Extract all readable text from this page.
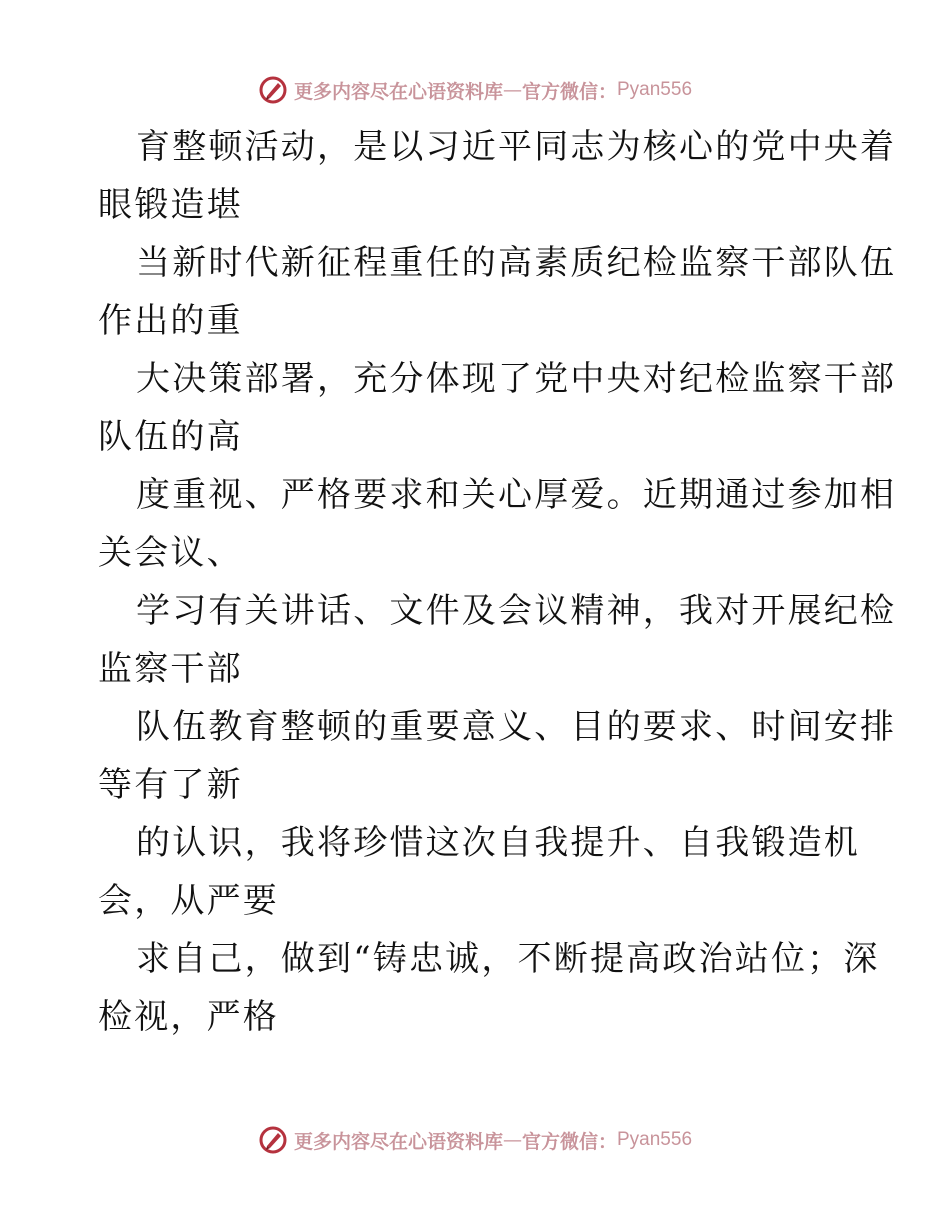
更多内容尽在心语资料库 — 官方微信： Pyan556
育整顿活动，是以习近平同志为核心的党中央着
眼锻造堪
当新时代新征程重任的高素质纪检监察干部队伍
作出的重
大决策部署，充分体现了党中央对纪检监察干部
队伍的高
度重视、严格要求和关心厚爱。近期通过参加相
关会议、
学习有关讲话、文件及会议精神，我对开展纪检
监察干部
队伍教育整顿的重要意义、目的要求、时间安排
等有了新
的认识，我将珍惜这次自我提升、自我锻造机
会，从严要
求自己，做到“铸忠诚，不断提高政治站位；深
检视，严格
更多内容尽在心语资料库 — 官方微信： Pyan556
